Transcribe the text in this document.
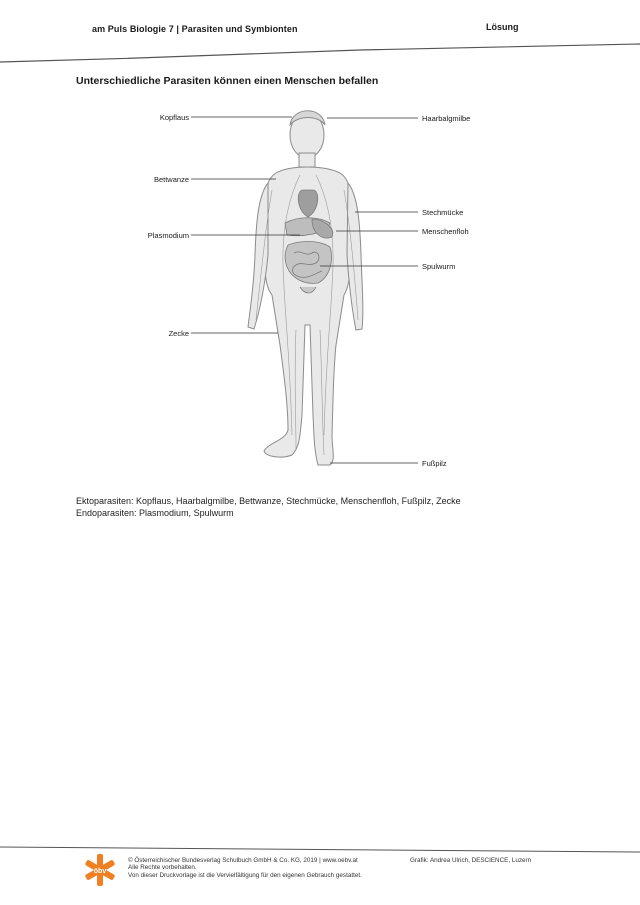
am Puls Biologie 7 | Parasiten und Symbionten	Lösung
Unterschiedliche Parasiten können einen Menschen befallen
Kopflaus	Haarbalgmilbe
Bettwanze
Stechmücke
Plasmodium	Menschenfloh
Spulwurm
Zecke
Fußpilz
Ektoparasiten: Kopflaus, Haarbalgmilbe, Bettwanze, Stechmücke, Menschenfloh, Fußpilz, Zecke
Endoparasiten: Plasmodium, Spulwurm
öbv
© Österreichischer Bundesverlag Schulbuch GmbH & Co. KG, 2019 | www.oebv.at
Alle Rechte vorbehalten.
Von dieser Druckvorlage ist die Vervielfältigung für den eigenen Gebrauch gestattet.
Grafik: Andrea Ulrich, DESCIENCE, Luzern
